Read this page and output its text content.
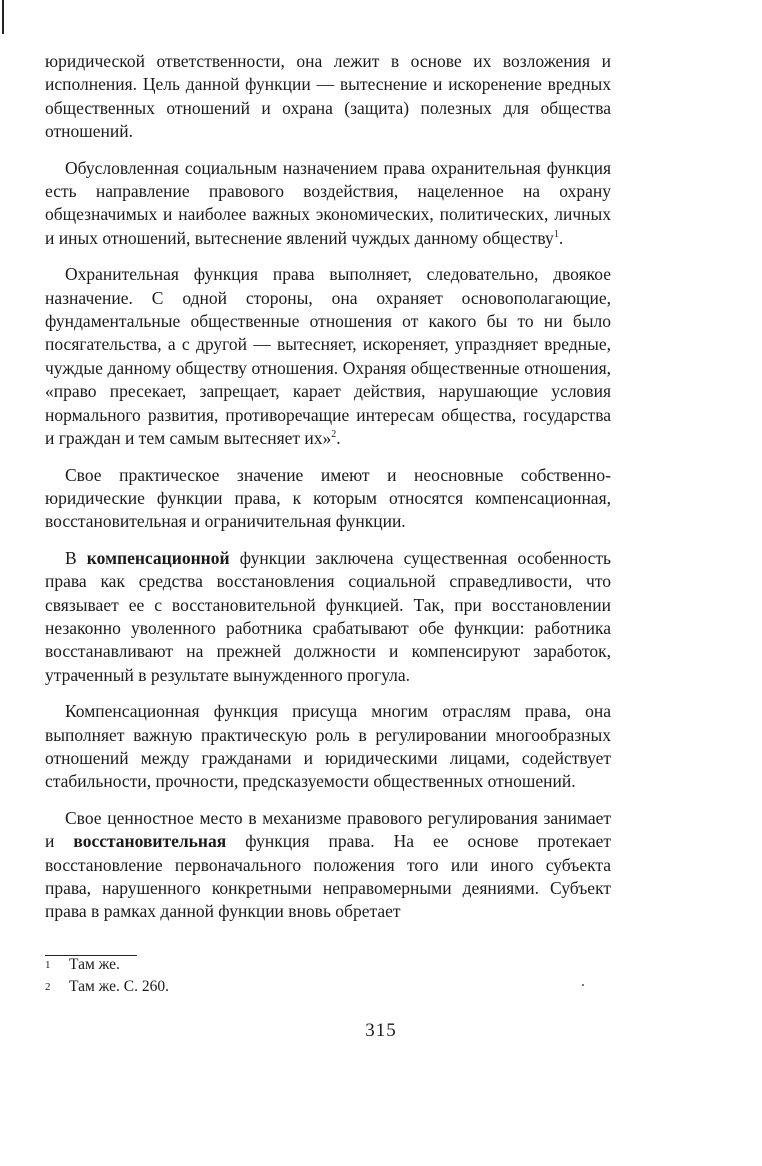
юридической ответственности, она лежит в основе их возложения и исполнения. Цель данной функции — вытеснение и искоренение вредных общественных отношений и охрана (защита) полезных для общества отношений.

Обусловленная социальным назначением права охранительная функция есть направление правового воздействия, нацеленное на охрану общезначимых и наиболее важных экономических, политических, личных и иных отношений, вытеснение явлений чуждых данному обществу$^1$.

Охранительная функция права выполняет, следовательно, двоякое назначение. С одной стороны, она охраняет основополагающие, фундаментальные общественные отношения от какого бы то ни было посягательства, а с другой — вытесняет, искореняет, упраздняет вредные, чуждые данному обществу отношения. Охраняя общественные отношения, «право пресекает, запрещает, карает действия, нарушающие условия нормального развития, противоречащие интересам общества, государства и граждан и тем самым вытесняет их»$^2$.

Свое практическое значение имеют и неосновные собственно-юридические функции права, к которым относятся компенсационная, восстановительная и ограничительная функции.

В компенсационной функции заключена существенная особенность права как средства восстановления социальной справедливости, что связывает ее с восстановительной функцией. Так, при восстановлении незаконно уволенного работника срабатывают обе функции: работника восстанавливают на прежней должности и компенсируют заработок, утраченный в результате вынужденного прогула.

Компенсационная функция присуща многим отраслям права, она выполняет важную практическую роль в регулировании многообразных отношений между гражданами и юридическими лицами, содействует стабильности, прочности, предсказуемости общественных отношений.

Свое ценностное место в механизме правового регулирования занимает и восстановительная функция права. На ее основе протекает восстановление первоначального положения того или иного субъекта права, нарушенного конкретными неправомерными деяниями. Субъект права в рамках данной функции вновь обретает

1	Там же.
2	Там же. С. 260.
315
